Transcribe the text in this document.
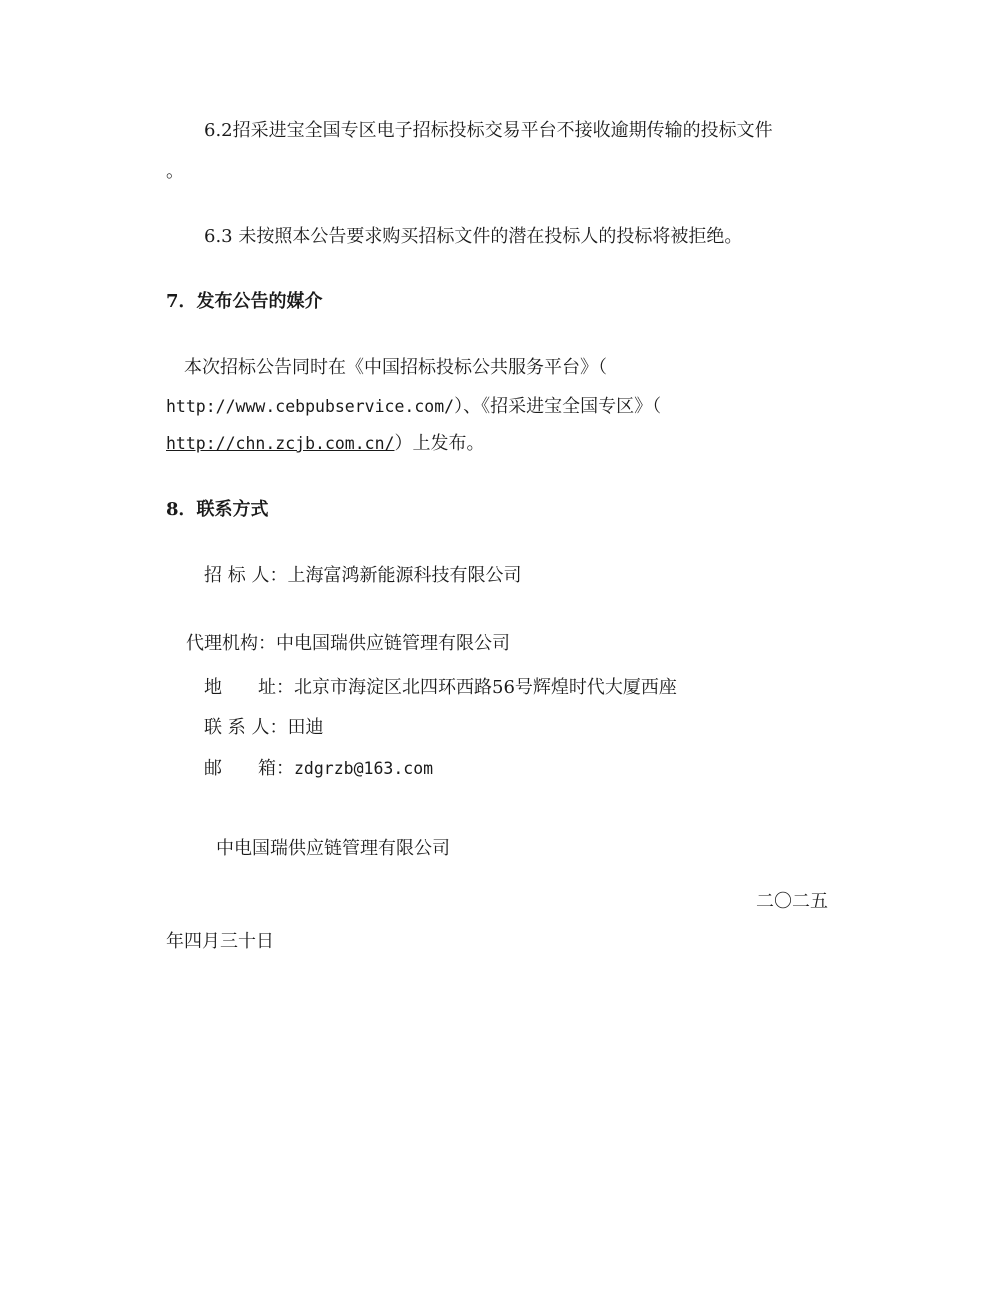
6.2招采进宝全国专区电子招标投标交易平台不接收逾期传输的投标文件
。
6.3 未按照本公告要求购买招标文件的潜在投标人的投标将被拒绝。
7．发布公告的媒介
本次招标公告同时在《中国招标投标公共服务平台》（
http://www.cebpubservice.com/）、《招采进宝全国专区》（
http://chn.zcjb.com.cn/）上发布。
8．联系方式
招 标 人：上海富鸿新能源科技有限公司
代理机构：中电国瑞供应链管理有限公司
地　　址：北京市海淀区北四环西路56号辉煌时代大厦西座
联 系 人：田迪
邮　　箱：zdgrzb@163.com
中电国瑞供应链管理有限公司
二〇二五
年四月三十日
